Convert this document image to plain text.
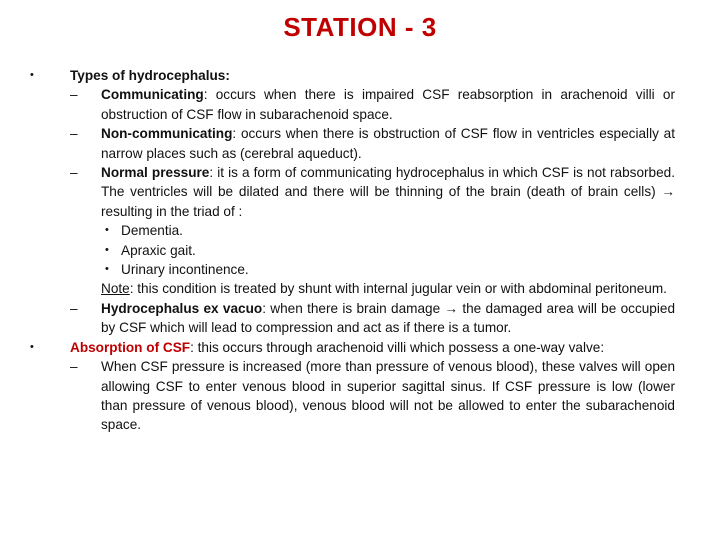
STATION - 3
•	Types of hydrocephalus:
– Communicating: occurs when there is impaired CSF reabsorption in arachenoid villi or obstruction of CSF flow in subarachenoid space.
– Non-communicating: occurs when there is obstruction of CSF flow in ventricles especially at narrow places such as (cerebral aqueduct).
– Normal pressure: it is a form of communicating hydrocephalus in which CSF is not rabsorbed. The ventricles will be dilated and there will be thinning of the brain (death of brain cells) → resulting in the triad of :
• Dementia.
• Apraxic gait.
• Urinary incontinence.
Note: this condition is treated by shunt with internal jugular vein or with abdominal peritoneum.
– Hydrocephalus ex vacuo: when there is brain damage → the damaged area will be occupied by CSF which will lead to compression and act as if there is a tumor.
•	Absorption of CSF: this occurs through arachenoid villi which possess a one-way valve:
– When CSF pressure is increased (more than pressure of venous blood), these valves will open allowing CSF to enter venous blood in superior sagittal sinus. If CSF pressure is low (lower than pressure of venous blood), venous blood will not be allowed to enter the subarachenoid space.
